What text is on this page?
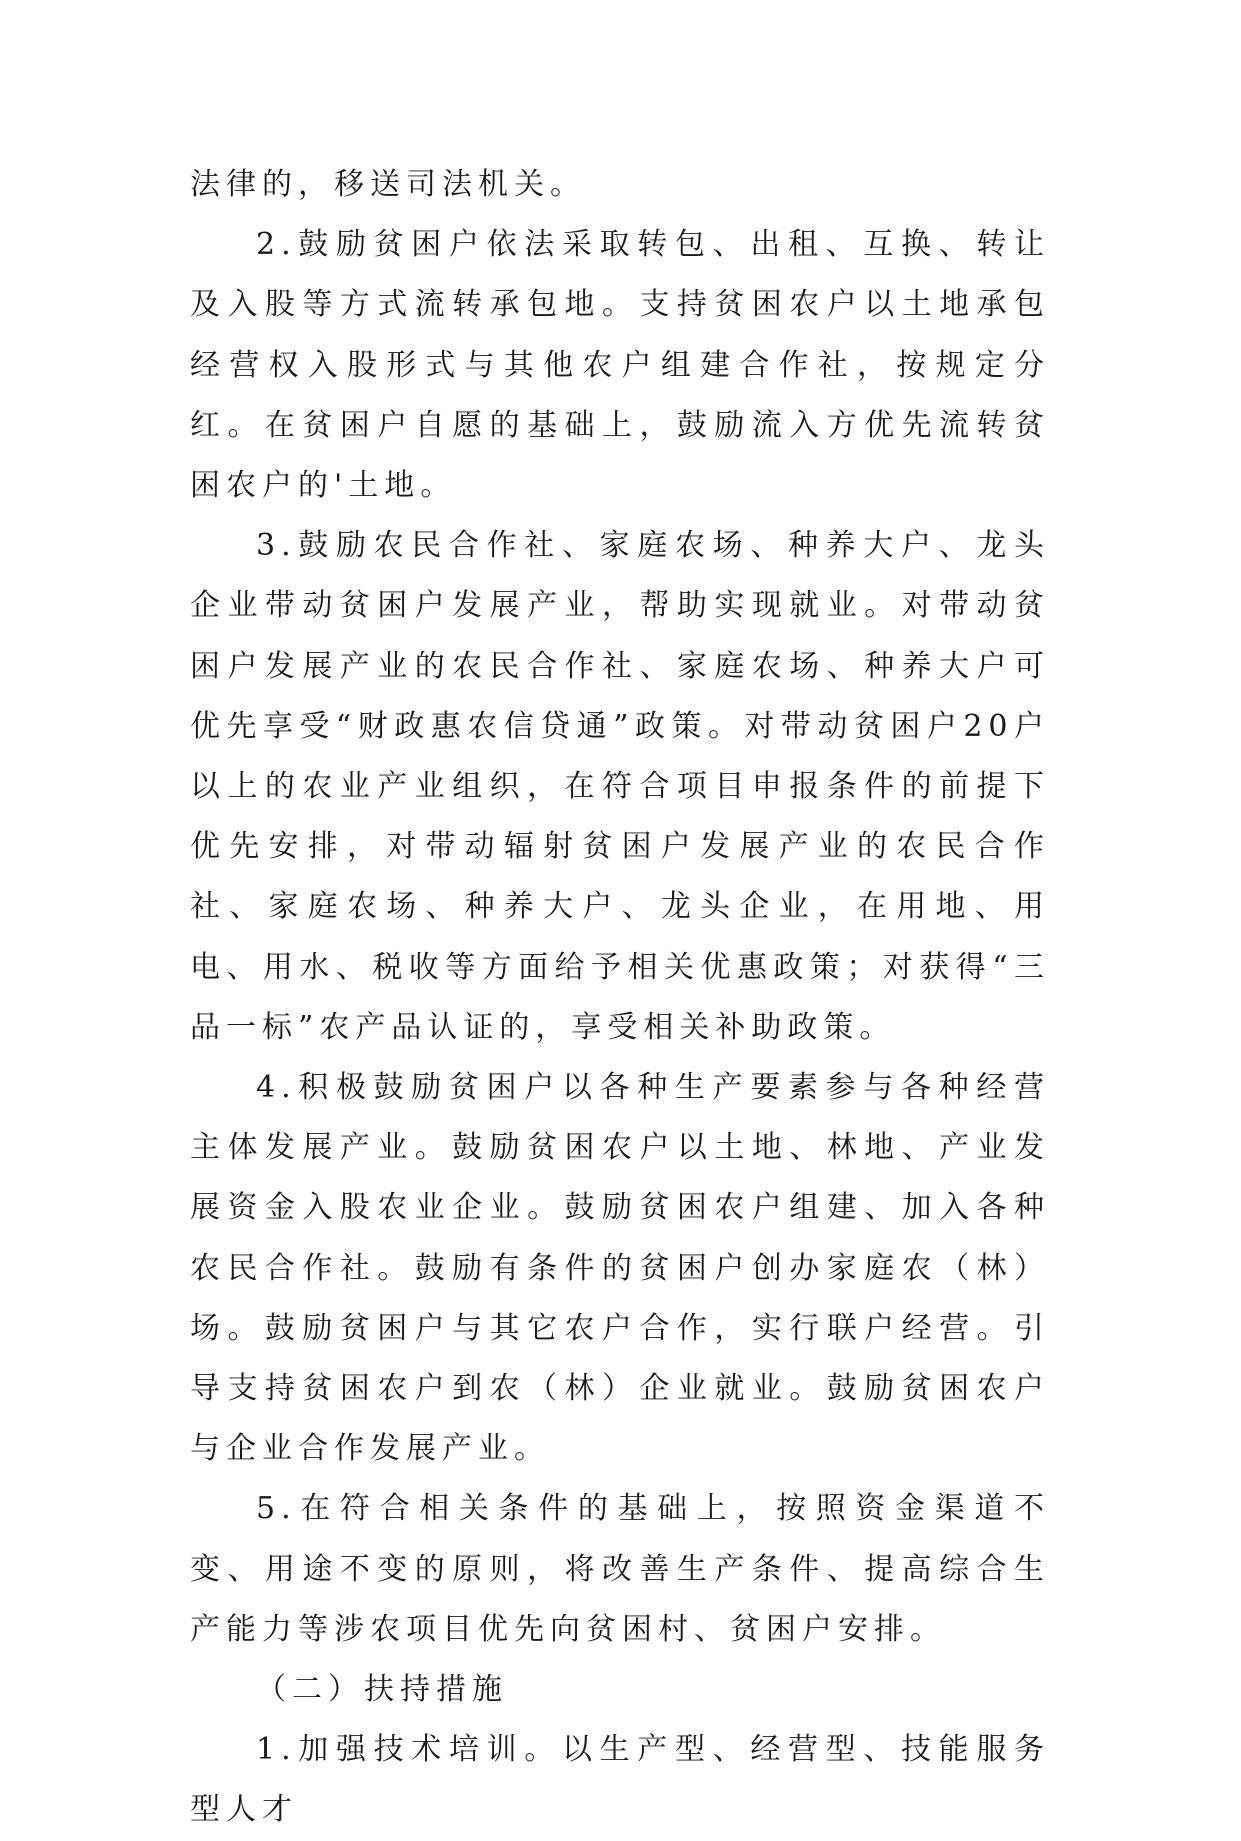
法律的，移送司法机关。

2.鼓励贫困户依法采取转包、出租、互换、转让及入股等方式流转承包地。支持贫困农户以土地承包经营权入股形式与其他农户组建合作社，按规定分红。在贫困户自愿的基础上，鼓励流入方优先流转贫困农户的'土地。

3.鼓励农民合作社、家庭农场、种养大户、龙头企业带动贫困户发展产业，帮助实现就业。对带动贫困户发展产业的农民合作社、家庭农场、种养大户可优先享受“财政惠农信贷通”政策。对带动贫困户20户以上的农业产业组织，在符合项目申报条件的前提下优先安排，对带动辐射贫困户发展产业的农民合作社、家庭农场、种养大户、龙头企业，在用地、用电、用水、税收等方面给予相关优惠政策；对获得“三品一标”农产品认证的，享受相关补助政策。

4.积极鼓励贫困户以各种生产要素参与各种经营主体发展产业。鼓励贫困农户以土地、林地、产业发展资金入股农业企业。鼓励贫困农户组建、加入各种农民合作社。鼓励有条件的贫困户创办家庭农（林）场。鼓励贫困户与其它农户合作，实行联户经营。引导支持贫困农户到农（林）企业就业。鼓励贫困农户与企业合作发展产业。

5.在符合相关条件的基础上，按照资金渠道不变、用途不变的原则，将改善生产条件、提高综合生产能力等涉农项目优先向贫困村、贫困户安排。

（二）扶持措施

1.加强技术培训。以生产型、经营型、技能服务型人才
